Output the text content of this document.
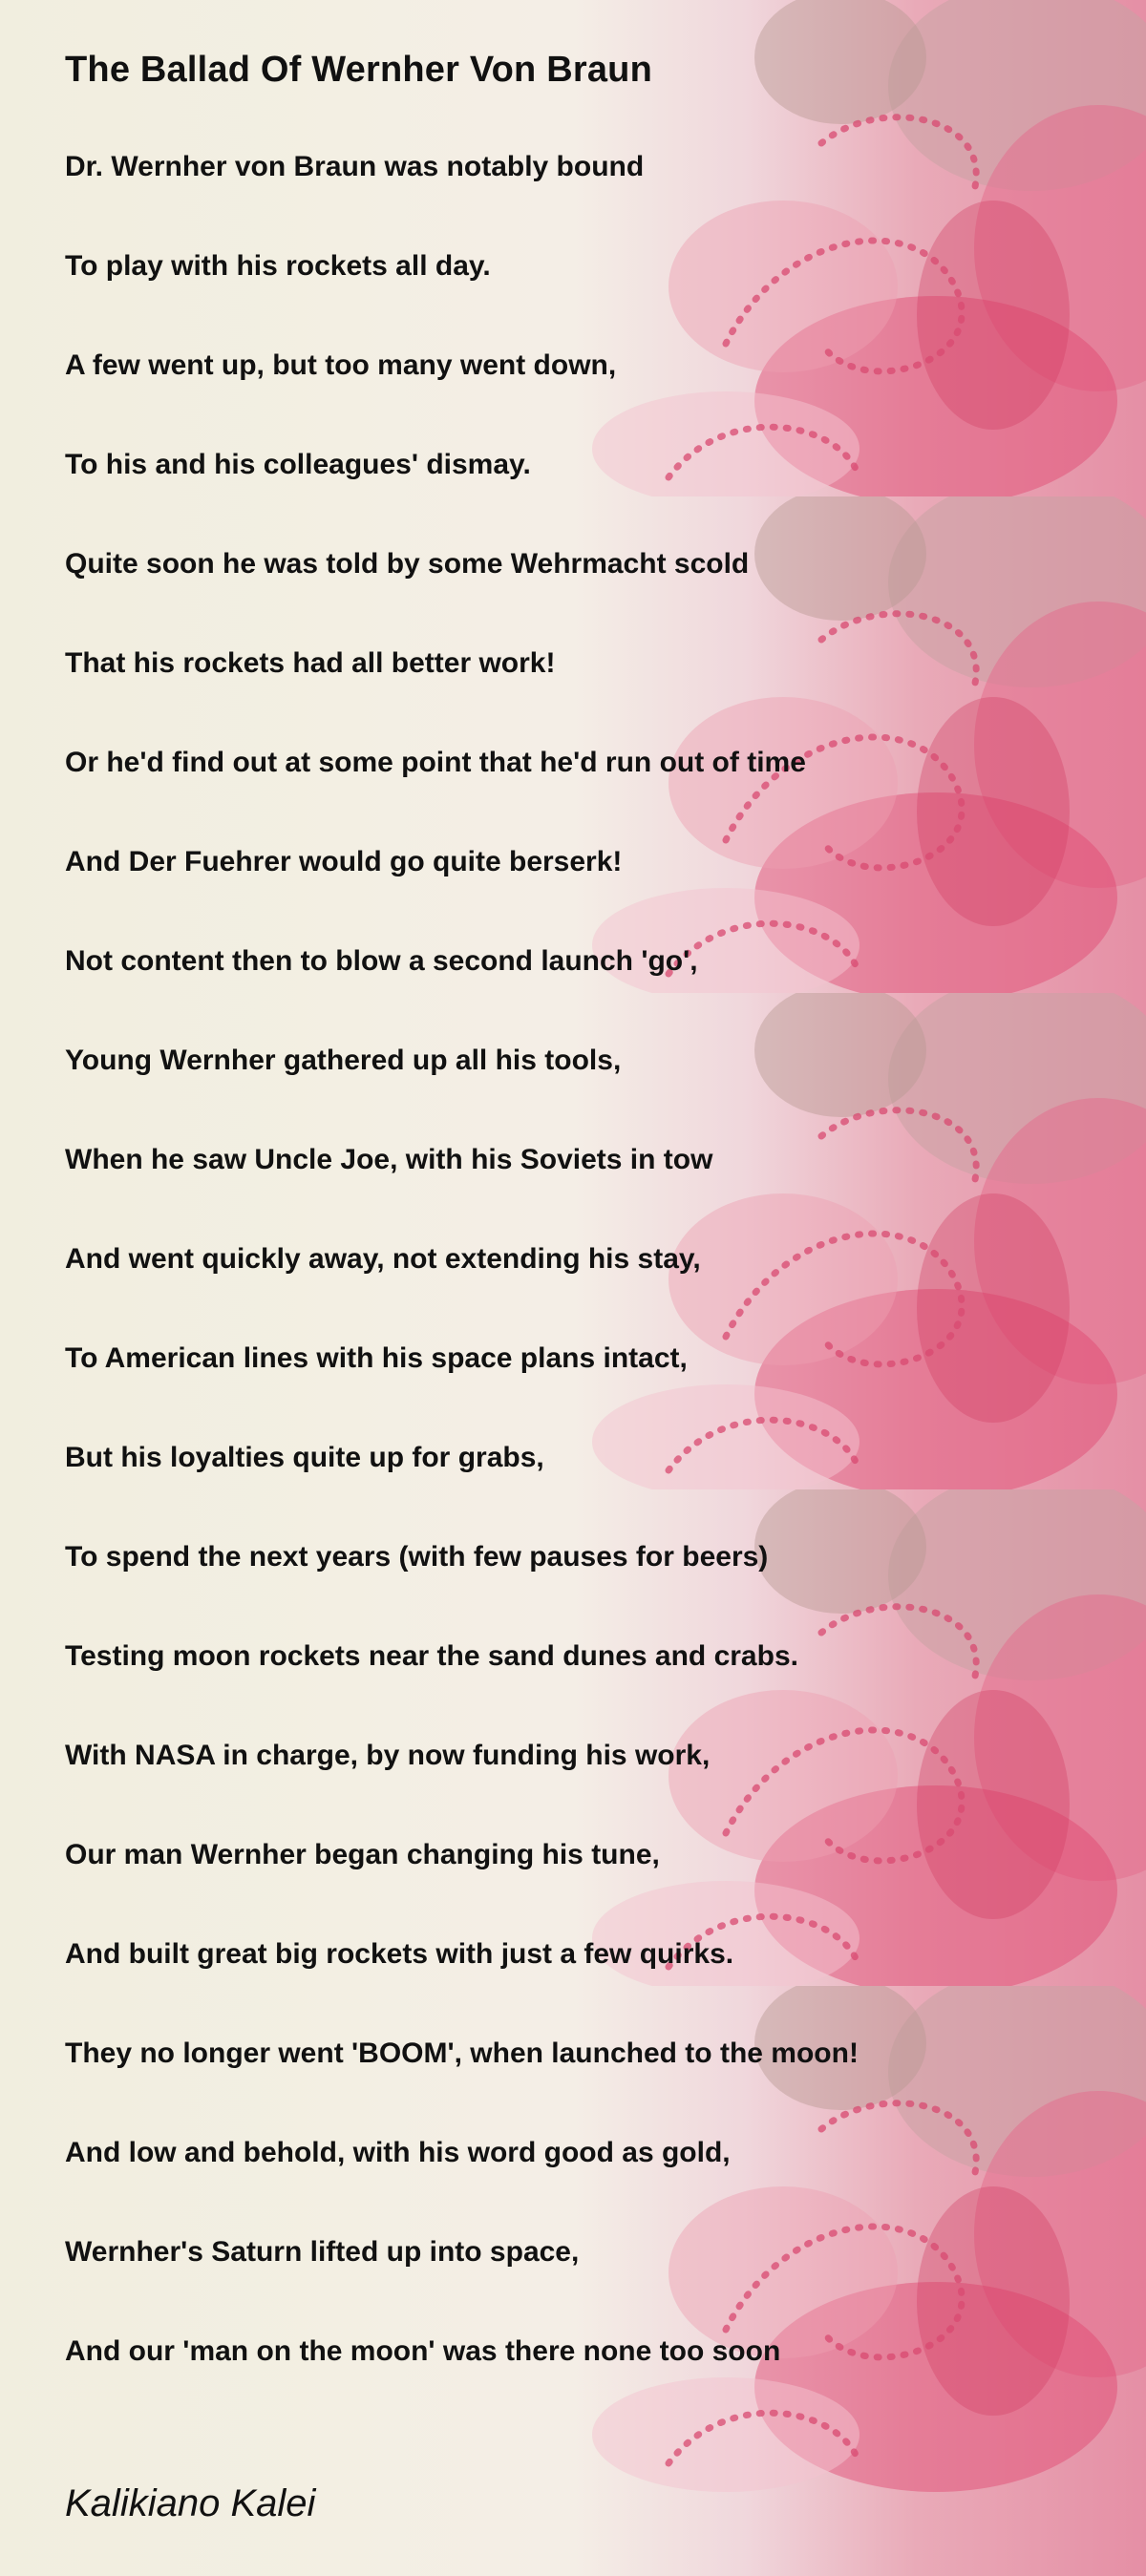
The Ballad Of Wernher Von Braun
Dr. Wernher von Braun was notably bound
To play with his rockets all day.
A few went up, but too many went down,
To his and his colleagues' dismay.
Quite soon he was told by some Wehrmacht scold
That his rockets had all better work!
Or he'd find out at some point that he'd run out of time
And Der Fuehrer would go quite berserk!
Not content then to blow a second launch 'go',
Young Wernher gathered up all his tools,
When he saw Uncle Joe, with his Soviets in tow
And went quickly away, not extending his stay,
To American lines with his space plans intact,
But his loyalties quite up for grabs,
To spend the next years (with few pauses for beers)
Testing moon rockets near the sand dunes and crabs.
With NASA in charge, by now funding his work,
Our man Wernher began changing his tune,
And built great big rockets with just a few quirks.
They no longer went 'BOOM', when launched to the moon!
And low and behold, with his word good as gold,
Wernher's Saturn lifted up into space,
And our 'man on the moon' was there none too soon
Kalikiano Kalei
